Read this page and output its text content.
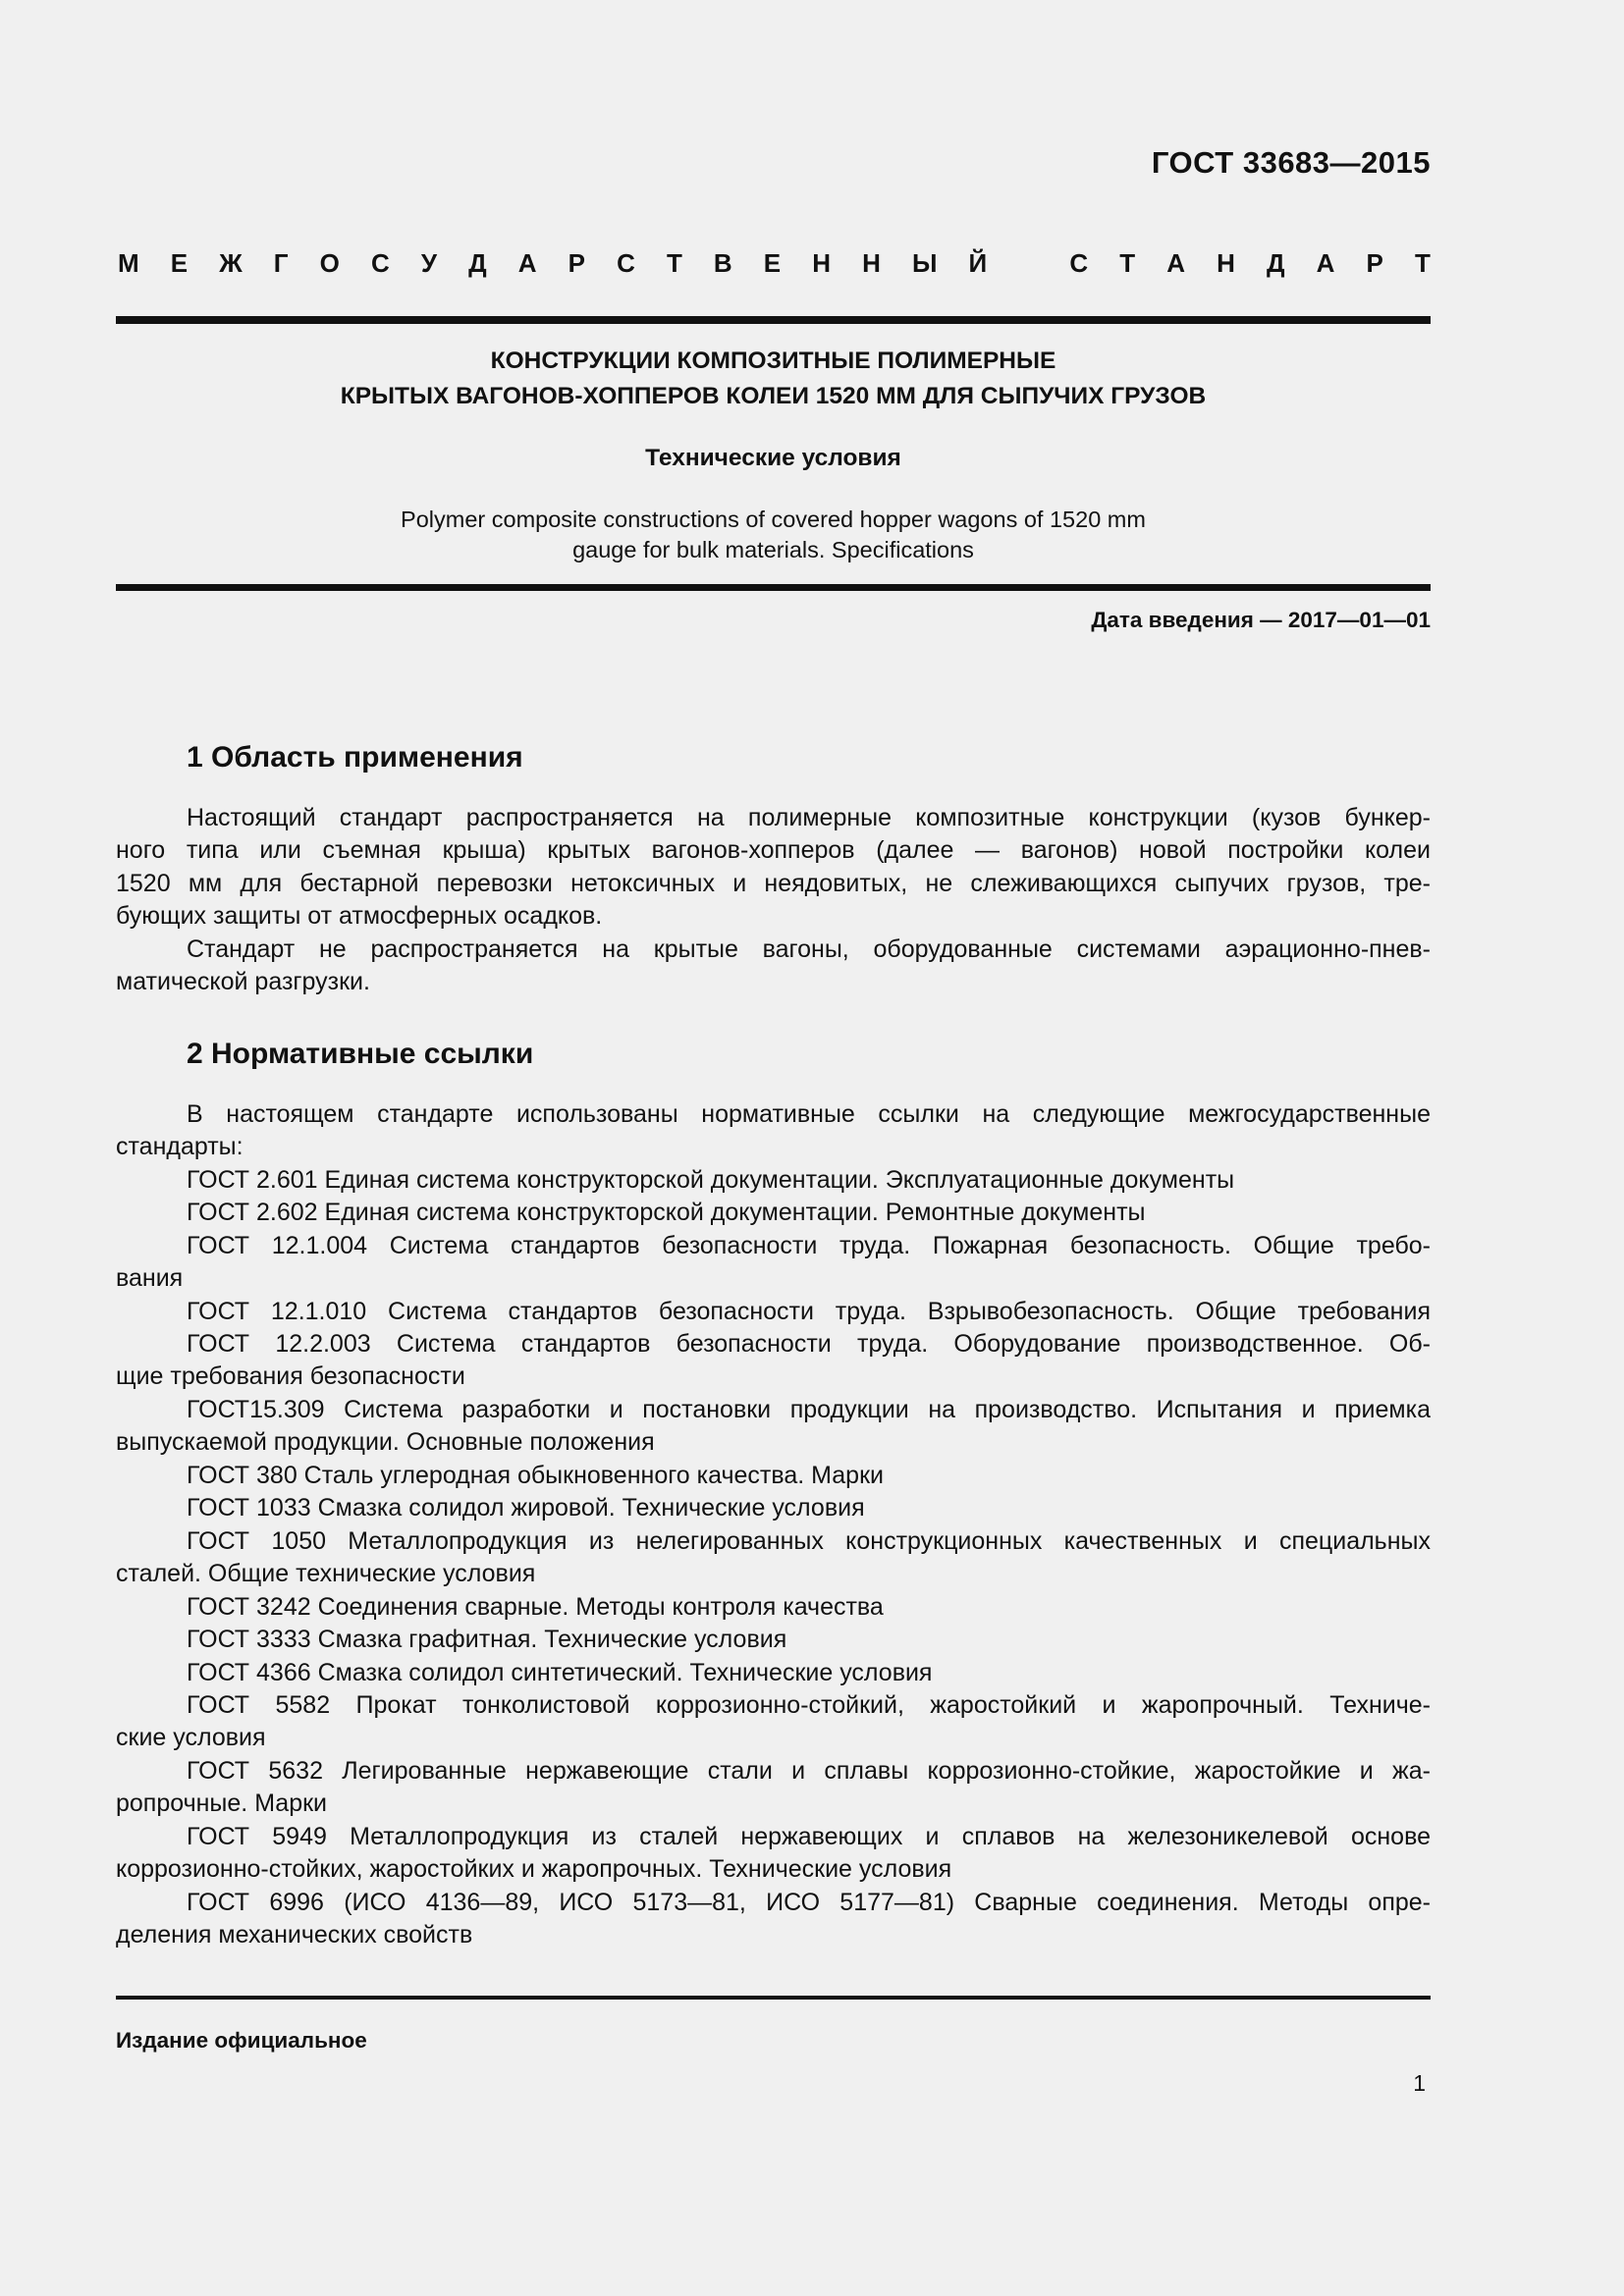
ГОСТ 33683—2015
М Е Ж Г О С У Д А Р С Т В Е Н Н Ы Й	С Т А Н Д А Р Т
КОНСТРУКЦИИ КОМПОЗИТНЫЕ ПОЛИМЕРНЫЕ
КРЫТЫХ ВАГОНОВ-ХОППЕРОВ КОЛЕИ 1520 ММ ДЛЯ СЫПУЧИХ ГРУЗОВ
Технические условия
Polymer composite constructions of covered hopper wagons of 1520 mm
gauge for bulk materials. Specifications
Дата введения — 2017—01—01
1 Область применения
Настоящий стандарт распространяется на полимерные композитные конструкции (кузов бункер-
ного типа или съемная крыша) крытых вагонов-хопперов (далее — вагонов) новой постройки колеи
1520 мм для бестарной перевозки нетоксичных и неядовитых, не слеживающихся сыпучих грузов, тре-
бующих защиты от атмосферных осадков.
Стандарт не распространяется на крытые вагоны, оборудованные системами аэрационно-пнев-
матической разгрузки.
2 Нормативные ссылки
В настоящем стандарте использованы нормативные ссылки на следующие межгосударственные
стандарты:
ГОСТ 2.601 Единая система конструкторской документации. Эксплуатационные документы
ГОСТ 2.602 Единая система конструкторской документации. Ремонтные документы
ГОСТ 12.1.004 Система стандартов безопасности труда. Пожарная безопасность. Общие требо-
вания
ГОСТ 12.1.010 Система стандартов безопасности труда. Взрывобезопасность. Общие требования
ГОСТ 12.2.003 Система стандартов безопасности труда. Оборудование производственное. Об-
щие требования безопасности
ГОСТ15.309 Система разработки и постановки продукции на производство. Испытания и приемка
выпускаемой продукции. Основные положения
ГОСТ 380 Сталь углеродная обыкновенного качества. Марки
ГОСТ 1033 Смазка солидол жировой. Технические условия
ГОСТ 1050 Металлопродукция из нелегированных конструкционных качественных и специальных
сталей. Общие технические условия
ГОСТ 3242 Соединения сварные. Методы контроля качества
ГОСТ 3333 Смазка графитная. Технические условия
ГОСТ 4366 Смазка солидол синтетический. Технические условия
ГОСТ 5582 Прокат тонколистовой коррозионно-стойкий, жаростойкий и жаропрочный. Техниче-
ские условия
ГОСТ 5632 Легированные нержавеющие стали и сплавы коррозионно-стойкие, жаростойкие и жа-
ропрочные. Марки
ГОСТ 5949 Металлопродукция из сталей нержавеющих и сплавов на железоникелевой основе
коррозионно-стойких, жаростойких и жаропрочных. Технические условия
ГОСТ 6996 (ИСО 4136—89, ИСО 5173—81, ИСО 5177—81) Сварные соединения. Методы опре-
деления механических свойств
Издание официальное
1
